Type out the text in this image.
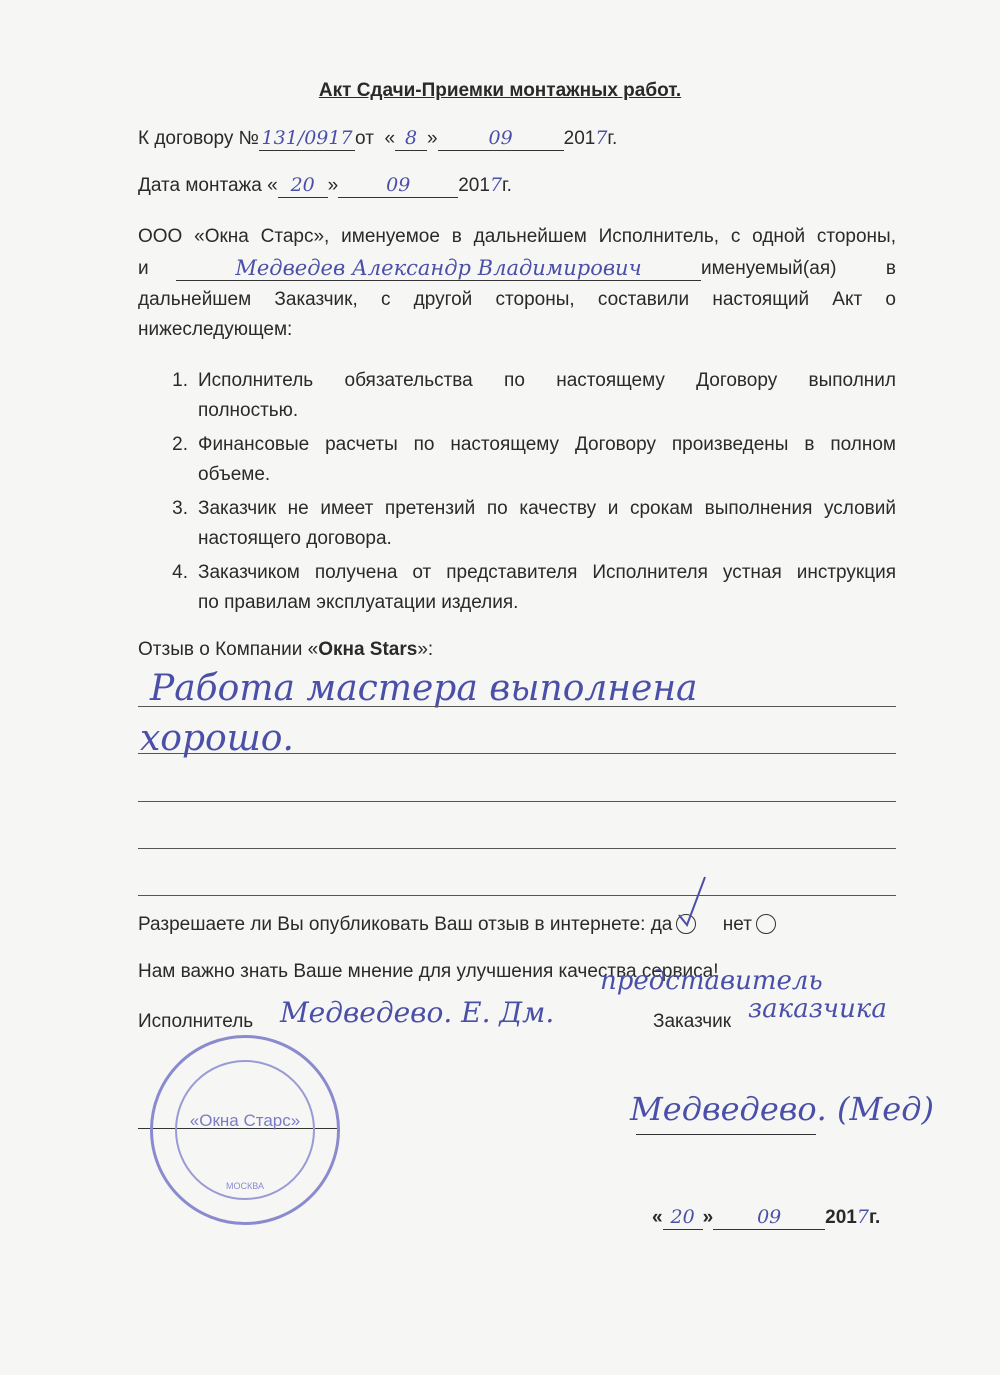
Акт Сдачи-Приемки монтажных работ.
К договору № 131/0917 от « 8 »	09	2017г.
Дата монтажа « 20 »	09	2017г.
ООО «Окна Старс», именуемое в дальнейшем Исполнитель, с одной стороны,
и	Медведев Александр Владимирович	именуемый(ая)	в
дальнейшем Заказчик, с другой стороны, составили настоящий Акт о
нижеследующем:
1. Исполнитель обязательства по настоящему Договору выполнил
полностью.
2. Финансовые расчеты по настоящему Договору произведены в полном
объеме.
3. Заказчик не имеет претензий по качеству и срокам выполнения условий
настоящего договора.
4. Заказчиком получена от представителя Исполнителя устная инструкция
по правилам эксплуатации изделия.
Отзыв о Компании «Окна Stars»:
Работа мастера выполнена
хорошо.
Разрешаете ли Вы опубликовать Ваш отзыв в интернете: да	нет
Нам важно знать Ваше мнение для улучшения качества сервиса!
Исполнитель Медведево. Е. Дм.	Заказчик
представитель
заказчика
Медведево. (Мед)
«Окна Старс»
МОСКВА
« 20 » 09 2017г.
